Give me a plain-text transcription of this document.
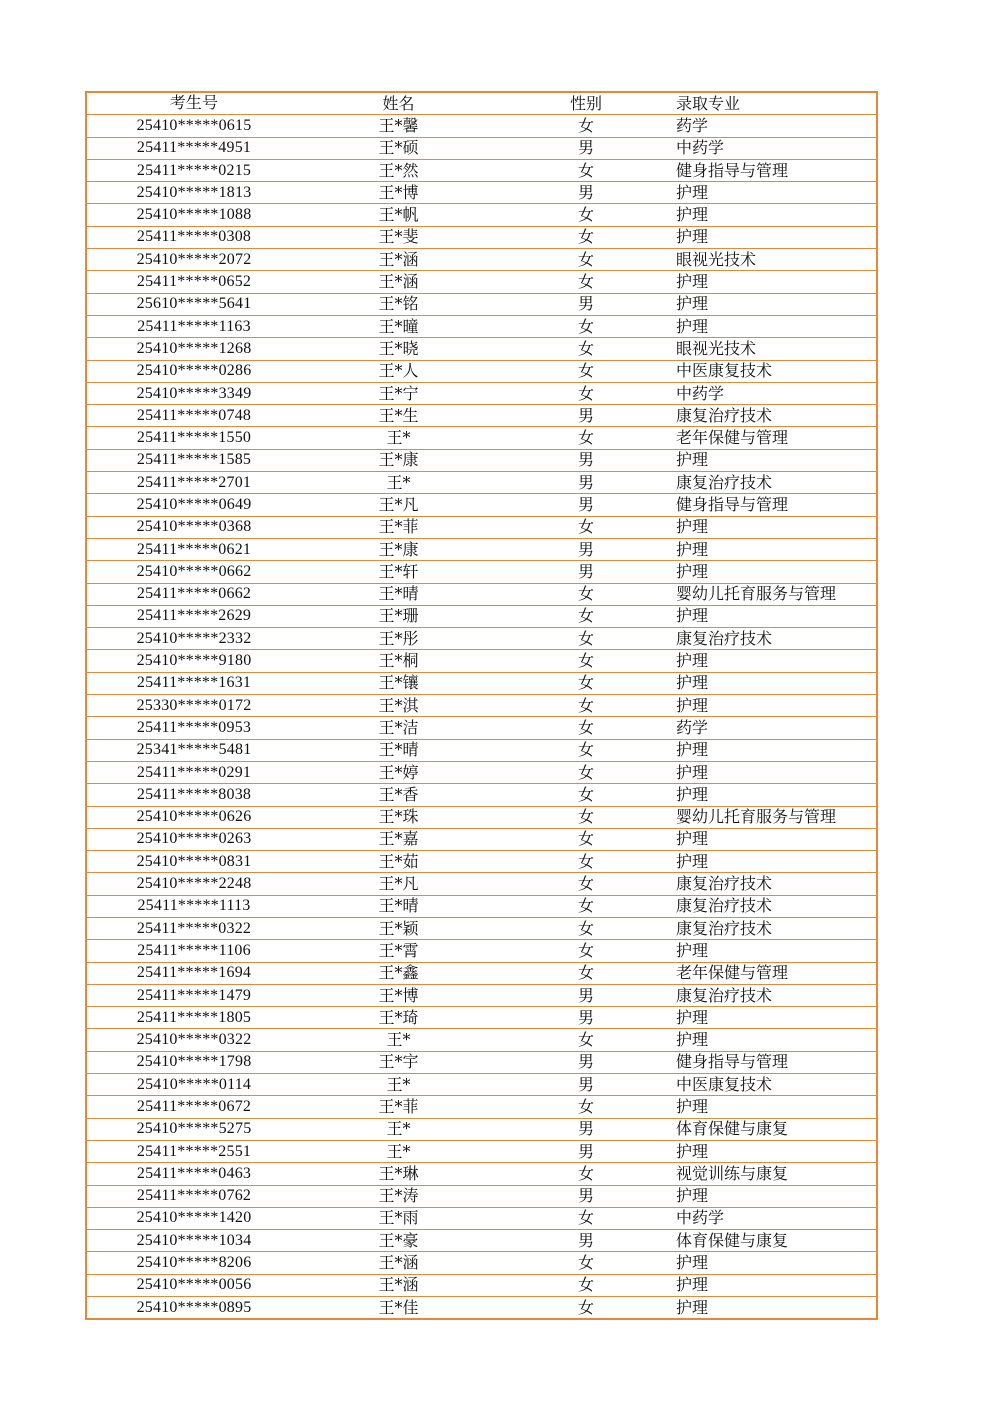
考生号	姓名	性别	录取专业
25410*****0615	王*馨	女	药学
25411*****4951	王*硕	男	中药学
25411*****0215	王*然	女	健身指导与管理
25410*****1813	王*博	男	护理
25410*****1088	王*帆	女	护理
25411*****0308	王*斐	女	护理
25410*****2072	王*涵	女	眼视光技术
25411*****0652	王*涵	女	护理
25610*****5641	王*铭	男	护理
25411*****1163	王*曈	女	护理
25410*****1268	王*晓	女	眼视光技术
25410*****0286	王*人	女	中医康复技术
25410*****3349	王*宁	女	中药学
25411*****0748	王*生	男	康复治疗技术
25411*****1550	王*	女	老年保健与管理
25411*****1585	王*康	男	护理
25411*****2701	王*	男	康复治疗技术
25410*****0649	王*凡	男	健身指导与管理
25410*****0368	王*菲	女	护理
25411*****0621	王*康	男	护理
25410*****0662	王*轩	男	护理
25411*****0662	王*晴	女	婴幼儿托育服务与管理
25411*****2629	王*珊	女	护理
25410*****2332	王*彤	女	康复治疗技术
25410*****9180	王*桐	女	护理
25411*****1631	王*镶	女	护理
25330*****0172	王*淇	女	护理
25411*****0953	王*洁	女	药学
25341*****5481	王*晴	女	护理
25411*****0291	王*婷	女	护理
25411*****8038	王*香	女	护理
25410*****0626	王*珠	女	婴幼儿托育服务与管理
25410*****0263	王*嘉	女	护理
25410*****0831	王*茹	女	护理
25410*****2248	王*凡	女	康复治疗技术
25411*****1113	王*晴	女	康复治疗技术
25411*****0322	王*颖	女	康复治疗技术
25411*****1106	王*霄	女	护理
25411*****1694	王*鑫	女	老年保健与管理
25411*****1479	王*博	男	康复治疗技术
25411*****1805	王*琦	男	护理
25410*****0322	王*	女	护理
25410*****1798	王*宇	男	健身指导与管理
25410*****0114	王*	男	中医康复技术
25411*****0672	王*菲	女	护理
25410*****5275	王*	男	体育保健与康复
25411*****2551	王*	男	护理
25411*****0463	王*琳	女	视觉训练与康复
25411*****0762	王*涛	男	护理
25410*****1420	王*雨	女	中药学
25410*****1034	王*豪	男	体育保健与康复
25410*****8206	王*涵	女	护理
25410*****0056	王*涵	女	护理
25410*****0895	王*佳	女	护理
